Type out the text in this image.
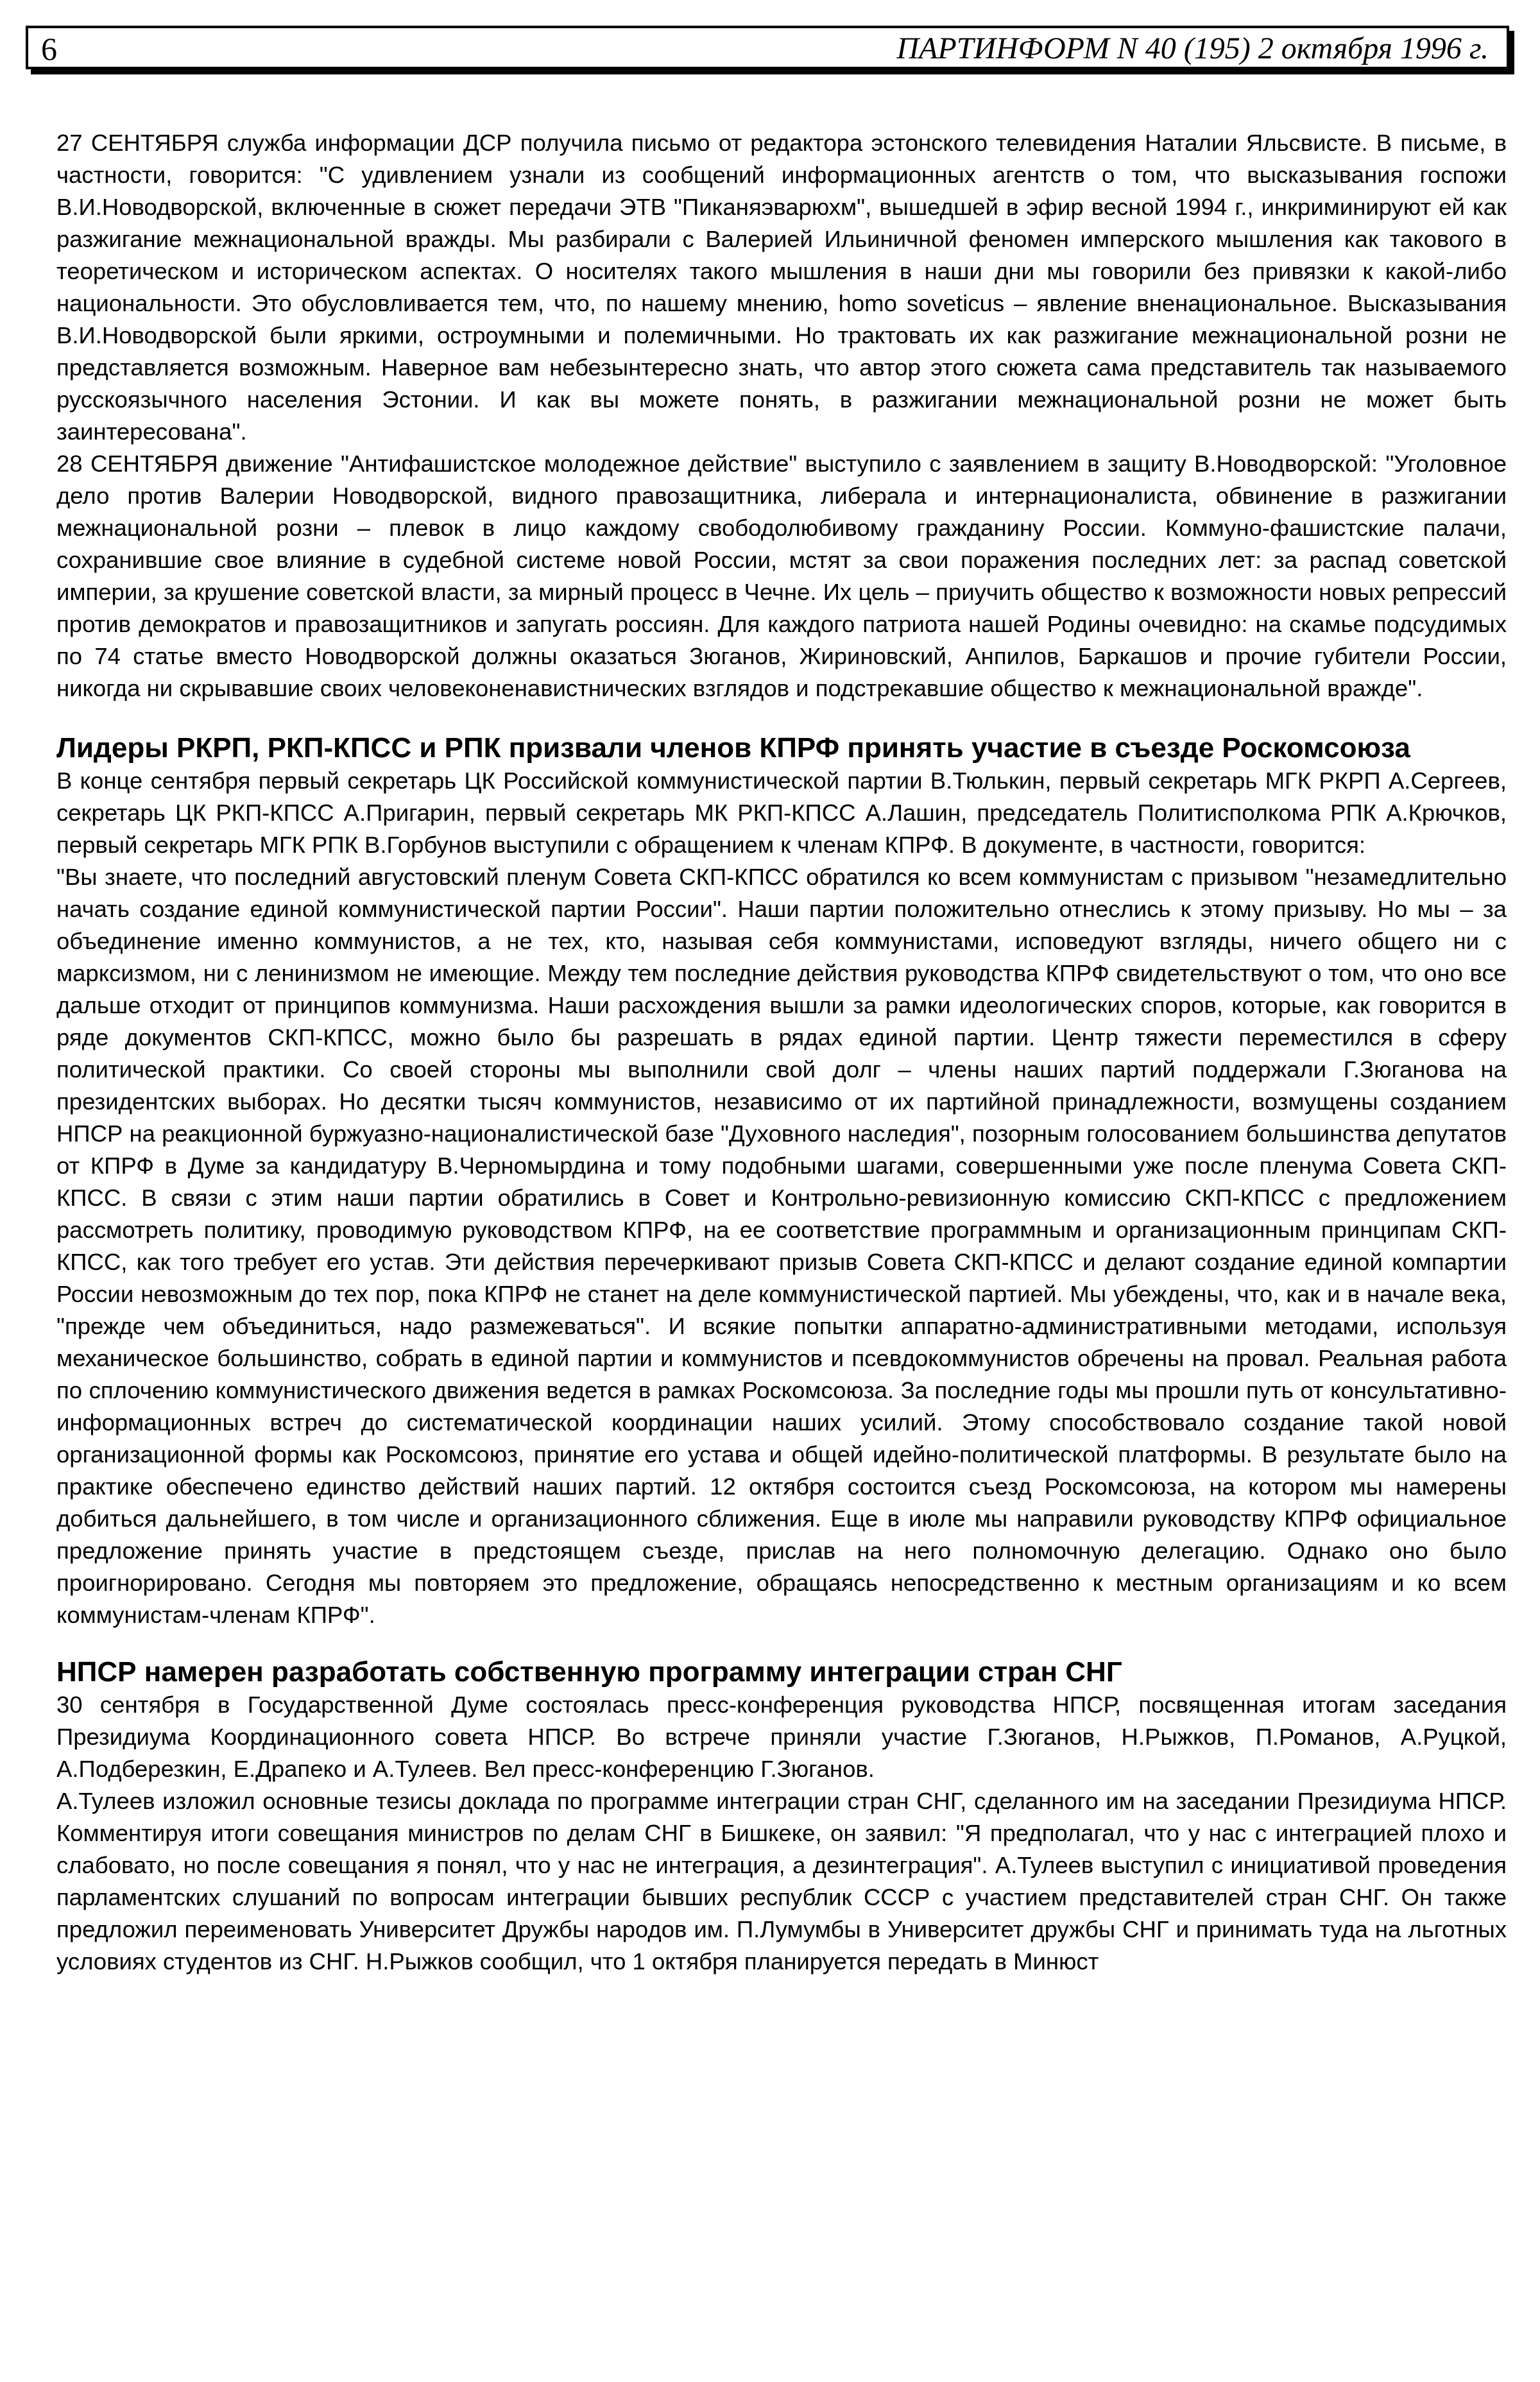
6	ПАРТИНФОРМ N 40 (195) 2 октября 1996 г.

27 СЕНТЯБРЯ служба информации ДСР получила письмо от редактора эстонского телевидения Наталии Яльсвисте. В письме, в частности, говорится: "С удивлением узнали из сообщений информационных агентств о том, что высказывания госпожи В.И.Новодворской, включенные в сюжет передачи ЭТВ "Пиканяэварюхм", вышедшей в эфир весной 1994 г., инкриминируют ей как разжигание межнациональной вражды. Мы разбирали с Валерией Ильиничной феномен имперского мышления как такового в теоретическом и историческом аспектах. О носителях такого мышления в наши дни мы говорили без привязки к какой-либо национальности. Это обусловливается тем, что, по нашему мнению, homo soveticus – явление вненациональное. Высказывания В.И.Новодворской были яркими, остроумными и полемичными. Но трактовать их как разжигание межнациональной розни не представляется возможным. Наверное вам небезынтересно знать, что автор этого сюжета сама представитель так называемого русскоязычного населения Эстонии. И как вы можете понять, в разжигании межнациональной розни не может быть заинтересована".

28 СЕНТЯБРЯ движение "Антифашистское молодежное действие" выступило с заявлением в защиту В.Новодворской: "Уголовное дело против Валерии Новодворской, видного правозащитника, либерала и интернационалиста, обвинение в разжигании межнациональной розни – плевок в лицо каждому свободолюбивому гражданину России. Коммуно-фашистские палачи, сохранившие свое влияние в судебной системе новой России, мстят за свои поражения последних лет: за распад советской империи, за крушение советской власти, за мирный процесс в Чечне. Их цель – приучить общество к возможности новых репрессий против демократов и правозащитников и запугать россиян. Для каждого патриота нашей Родины очевидно: на скамье подсудимых по 74 статье вместо Новодворской должны оказаться Зюганов, Жириновский, Анпилов, Баркашов и прочие губители России, никогда ни скрывавшие своих человеконенавистнических взглядов и подстрекавшие общество к межнациональной вражде".

Лидеры РКРП, РКП-КПСС и РПК призвали членов КПРФ принять участие в съезде Роскомсоюза

В конце сентября первый секретарь ЦК Российской коммунистической партии В.Тюлькин, первый секретарь МГК РКРП А.Сергеев, секретарь ЦК РКП-КПСС А.Пригарин, первый секретарь МК РКП-КПСС А.Лашин, председатель Политисполкома РПК А.Крючков, первый секретарь МГК РПК В.Горбунов выступили с обращением к членам КПРФ. В документе, в частности, говорится:

"Вы знаете, что последний августовский пленум Совета СКП-КПСС обратился ко всем коммунистам с призывом "незамедлительно начать создание единой коммунистической партии России". Наши партии положительно отнеслись к этому призыву. Но мы – за объединение именно коммунистов, а не тех, кто, называя себя коммунистами, исповедуют взгляды, ничего общего ни с марксизмом, ни с ленинизмом не имеющие. Между тем последние действия руководства КПРФ свидетельствуют о том, что оно все дальше отходит от принципов коммунизма. Наши расхождения вышли за рамки идеологических споров, которые, как говорится в ряде документов СКП-КПСС, можно было бы разрешать в рядах единой партии. Центр тяжести переместился в сферу политической практики. Со своей стороны мы выполнили свой долг – члены наших партий поддержали Г.Зюганова на президентских выборах. Но десятки тысяч коммунистов, независимо от их партийной принадлежности, возмущены созданием НПСР на реакционной буржуазно-националистической базе "Духовного наследия", позорным голосованием большинства депутатов от КПРФ в Думе за кандидатуру В.Черномырдина и тому подобными шагами, совершенными уже после пленума Совета СКП-КПСС. В связи с этим наши партии обратились в Совет и Контрольно-ревизионную комиссию СКП-КПСС с предложением рассмотреть политику, проводимую руководством КПРФ, на ее соответствие программным и организационным принципам СКП-КПСС, как того требует его устав. Эти действия перечеркивают призыв Совета СКП-КПСС и делают создание единой компартии России невозможным до тех пор, пока КПРФ не станет на деле коммунистической партией. Мы убеждены, что, как и в начале века, "прежде чем объединиться, надо размежеваться". И всякие попытки аппаратно-административными методами, используя механическое большинство, собрать в единой партии и коммунистов и псевдокоммунистов обречены на провал. Реальная работа по сплочению коммунистического движения ведется в рамках Роскомсоюза. За последние годы мы прошли путь от консультативно-информационных встреч до систематической координации наших усилий. Этому способствовало создание такой новой организационной формы как Роскомсоюз, принятие его устава и общей идейно-политической платформы. В результате было на практике обеспечено единство действий наших партий. 12 октября состоится съезд Роскомсоюза, на котором мы намерены добиться дальнейшего, в том числе и организационного сближения. Еще в июле мы направили руководству КПРФ официальное предложение принять участие в предстоящем съезде, прислав на него полномочную делегацию. Однако оно было проигнорировано. Сегодня мы повторяем это предложение, обращаясь непосредственно к местным организациям и ко всем коммунистам-членам КПРФ".

НПСР намерен разработать собственную программу интеграции стран СНГ

30 сентября в Государственной Думе состоялась пресс-конференция руководства НПСР, посвященная итогам заседания Президиума Координационного совета НПСР. Во встрече приняли участие Г.Зюганов, Н.Рыжков, П.Романов, А.Руцкой, А.Подберезкин, Е.Драпеко и А.Тулеев. Вел пресс-конференцию Г.Зюганов.

А.Тулеев изложил основные тезисы доклада по программе интеграции стран СНГ, сделанного им на заседании Президиума НПСР. Комментируя итоги совещания министров по делам СНГ в Бишкеке, он заявил: "Я предполагал, что у нас с интеграцией плохо и слабовато, но после совещания я понял, что у нас не интеграция, а дезинтеграция". А.Тулеев выступил с инициативой проведения парламентских слушаний по вопросам интеграции бывших республик СССР с участием представителей стран СНГ. Он также предложил переименовать Университет Дружбы народов им. П.Лумумбы в Университет дружбы СНГ и принимать туда на льготных условиях студентов из СНГ. Н.Рыжков сообщил, что 1 октября планируется передать в Минюст
